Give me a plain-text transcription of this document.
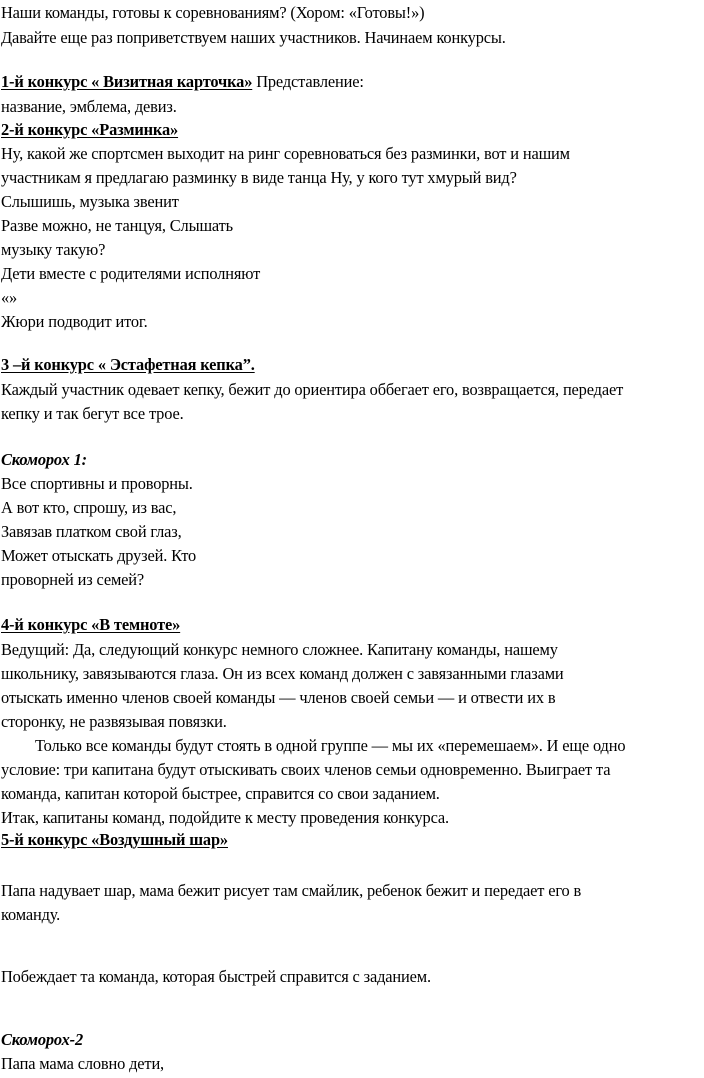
Наши команды, готовы к соревнованиям? (Хором: «Готовы!»)

Давайте еще раз поприветствуем наших участников. Начинаем конкурсы.

1-й конкурс « Визитная карточка» Представление:

название, эмблема, девиз.

2-й конкурс «Разминка»

Ну, какой же спортсмен выходит на ринг соревноваться без разминки, вот и нашим

участникам я предлагаю разминку в виде танца Ну, у кого тут хмурый вид?

Слышишь, музыка звенит

Разве можно, не танцуя, Слышать

музыку такую?

Дети вместе с родителями исполняют

«»

Жюри подводит итог.

3 –й конкурс « Эстафетная кепка”.

Каждый участник одевает кепку, бежит до ориентира оббегает его, возвращается, передает

кепку и так бегут все трое.

Скоморох 1:

Все спортивны и проворны.

А вот кто, спрошу, из вас,

Завязав платком свой глаз,

Может отыскать друзей. Кто

проворней из семей?

4-й конкурс «В темноте»

Ведущий: Да, следующий конкурс немного сложнее. Капитану команды, нашему

школьнику, завязываются глаза. Он из всех команд должен с завязанными глазами

отыскать именно членов своей команды — членов своей семьи — и отвести их в

сторонку, не развязывая повязки.

Только все команды будут стоять в одной группе — мы их «перемешаем». И еще одно

условие: три капитана будут отыскивать своих членов семьи одновременно. Выиграет та

команда, капитан которой быстрее, справится со свои заданием.

Итак, капитаны команд, подойдите к месту проведения конкурса.

5-й конкурс «Воздушный шар»

Папа надувает шар, мама бежит рисует там смайлик, ребенок бежит и передает его в

команду.

Побеждает та команда, которая быстрей справится с заданием.

Скоморох-2

Папа мама словно дети,
